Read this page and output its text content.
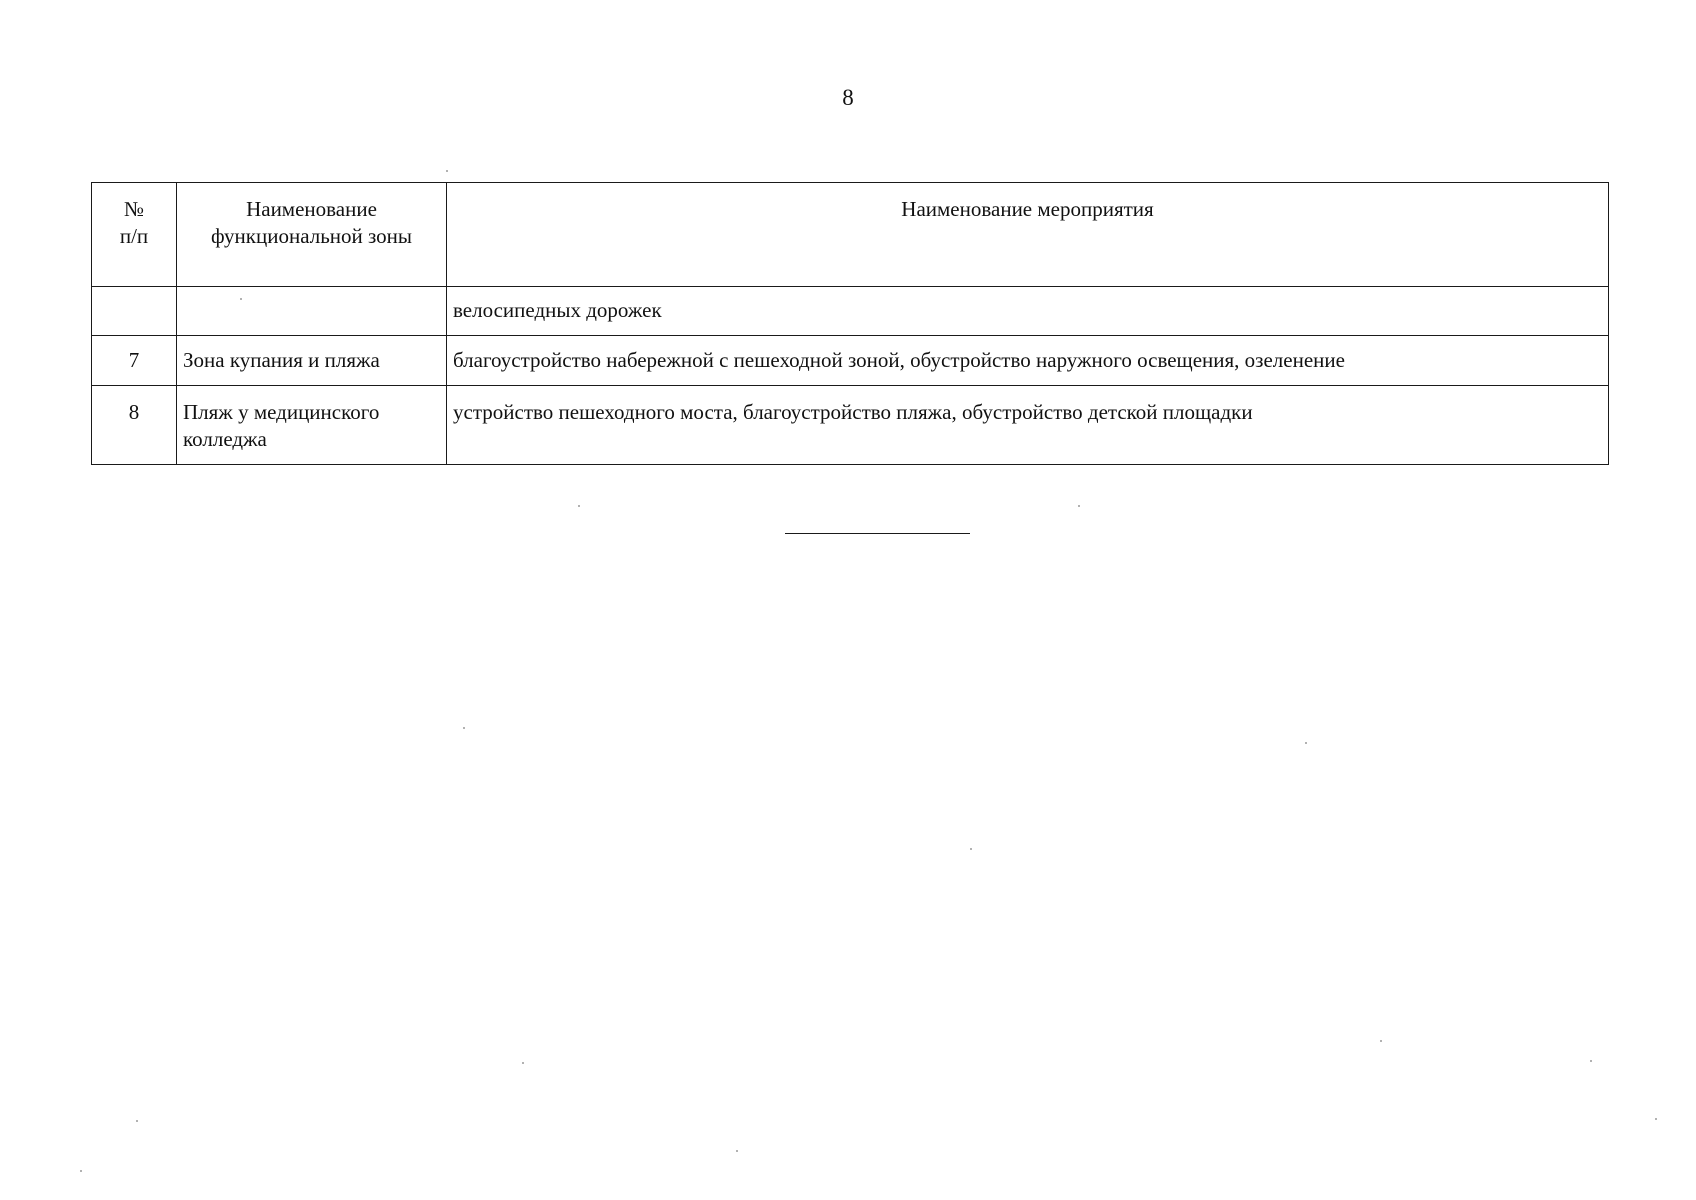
8
№
п/п	Наименование функциональной зоны	Наименование мероприятия
		велосипедных дорожек
7	Зона купания и пляжа	благоустройство набережной с пешеходной зоной, обустройство наружного освещения, озеленение
8	Пляж у медицинского колледжа	устройство пешеходного моста, благоустройство пляжа, обустройство детской площадки
